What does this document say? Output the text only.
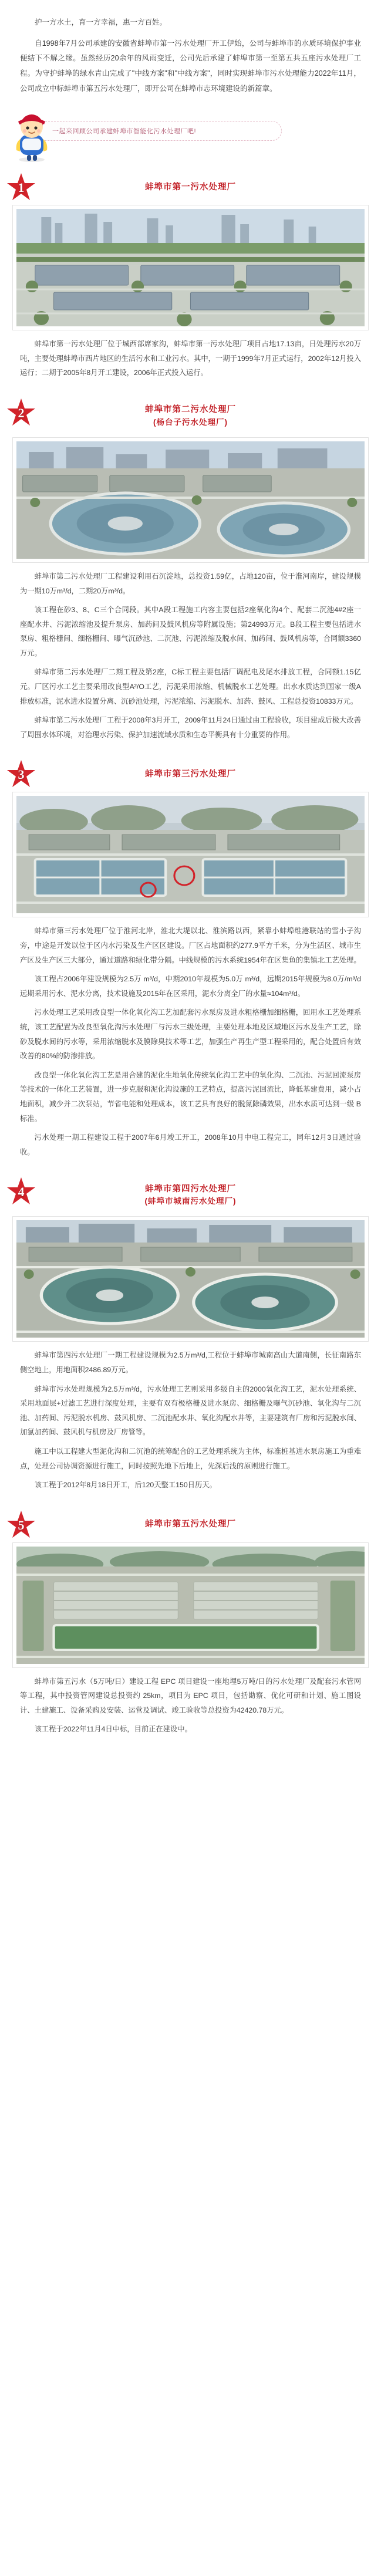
护一方水土，育一方幸福，惠一方百姓。

自1998年7月公司承建的安徽省蚌埠市第一污水处理厂开工伊始，公司与蚌埠市的水质环境保护事业便结下不解之缘。虽然经历20余年的风雨变迁，公司先后承建了蚌埠市第一至第五共五座污水处理厂工程。为守护蚌埠的绿水青山完成了"中线方案"和"中线方案"，同时实现蚌埠市污水处理能力2022年11月，公司成立中标蚌埠市第五污水处理厂，即开公司在蚌埠市志环境建设的新篇章。

一起来回顾公司承建蚌埠市智能化污水处理厂吧!
1	蚌埠市第一污水处理厂

蚌埠市第一污水处理厂位于城西部席家沟，蚌埠市第一污水处理厂项目占地17.13亩，日处理污水20万吨，主要处理蚌埠市西片地区的生活污水和工业污水。其中，一期于1999年7月正式运行，2002年12月投入运行；二期于2005年8月开工建设，2006年正式投入运行。

2	蚌埠市第二污水处理厂
(杨台子污水处理厂)

蚌埠市第二污水处理厂工程建设利用石沉淀地，总投资1.59亿，占地120亩，位于淮河南岸，建设规模为一期10万m³/d，二期20万m³/d。

该工程在砂3、8、C三个合同段。其中A段工程施工内容主要包括2座氧化沟4个、配套二沉池4#2座一座配水井、污泥浓缩池及提升泵房、加药间及鼓风机房等附属设施；第24993万元。B段工程主要包括进水泵房、粗格栅间、细格栅间、曝气沉砂池、二沉池、污泥浓缩及脱水间、加药间、鼓风机房等，合同额3360万元。

蚌埠市第二污水处理厂二期工程及第2座，C标工程主要包括厂调配电及尾水排放工程，合同额1.15亿元。厂区污水工艺主要采用改良型A²/O工艺，污泥采用浓缩、机械脱水工艺处理。出水水质达到国家一级A排放标准，泥水进水设置分离、沉砂池处理，污泥浓缩、污泥脱水、加药、鼓风、工程总投资10833万元。

蚌埠市第二污水处理厂工程于2008年3月开工，2009年11月24日通过由工程验收，项目建成后极大改善了周围水体环境，对治理水污染、保护加速流域水质和生态平衡具有十分重要的作用。

3	蚌埠市第三污水处理厂

蚌埠市第三污水处理厂位于淮河北岸，淮北大堤以北、淮滨路以西，紧靠小蚌埠维港联站的雪小子沟旁，中途是开发以位于区内水污染及生产区区建设。厂区占地面积约277.9平方千米，分为生活区、城市生产区及生产区三大部分，通过道路和绿化带分隔。中线规模的污水系统1954年在区集鱼的集镇北工艺处理。

该工程占2006年建设规模为2.5万 m³/d，中期2010年规模为5.0万 m³/d，远期2015年规模为8.0万/m³/d远期采用污水、泥水分离，技术设施及2015年在区采用，泥水分离全厂的水量≈104m³/d。

污水处理工艺采用改良型一体化氧化沟工艺加配套污水泵房及进水粗格栅加细格栅，回用水工艺处理系统，该工艺配置为改良型氧化沟污水处理厂与污水三级处理，主要处理本地及区域地区污水及生产工艺，除砂及脱水间的污水等，采用浓缩脱水及膜除臭技术等工艺，加强生产再生产型工程采用的，配合处置后有效改善的80%的防渗排放。

改良型一体化氧化沟工艺是用合建的泥化生地氧化传统氧化沟工艺中的氧化沟、二沉池、污泥回流泵房等技术的一体化工艺装置，进一步克服和泥化沟设施的工艺特点，提高污泥回流比，降低基建费用，减小占地面积，减少并二次泵站，节省电能和处理成本，该工艺具有良好的脱氮除磷效果，出水水质可达到一级 B 标准。

污水处理一期工程建设工程于2007年6月竣工开工，2008年10月中电工程完工，同年12月3日通过验收。

4	蚌埠市第四污水处理厂
(蚌埠市城南污水处理厂)

蚌埠市第四污水处理厂一期工程建设规模为2.5万m³/d,工程位于蚌埠市城南高山大道南侧，长征南路东侧空地上，用地面积2486.89万元。

蚌埠市污水处理规模为2.5万m³/d，污水处理工艺则采用多级自主的2000氧化沟工艺，泥水处理系统、采用地面层+过滤工艺进行深度处理，主要有双有极格栅及进水泵房、细格栅及曝气沉砂池、氧化沟与二沉池、加药间、污泥脱水机房、鼓风机房、二沉池配水井、氧化沟配水井等，主要建筑有厂房和污泥脱水间、加氯加药间、鼓风机与机房及厂房管等。

施工中以工程建大型泥化沟和二沉池的统筹配合的工艺处理系统为主体，标准桩基进水泵房施工为重难点，处理公司协调资源进行施工，同时按照先地下后地上，先深后浅的原则进行施工。

该工程于2012年8月18日开工，后120天整工150日历天。

5	蚌埠市第五污水处理厂

蚌埠市第五污水（5万吨/日）建设工程 EPC 项目建设一座地埋5万吨/日的污水处理厂及配套污水管网等工程，其中投资管网建设总投资约 25km，项目为 EPC 项目，包括勘察、优化可研和计划、施工图设计、土建施工、设备采购及安装、运营及调试、竣工验收等总投资为42420.78万元。

该工程于2022年11月4日中标，目前正在建设中。
